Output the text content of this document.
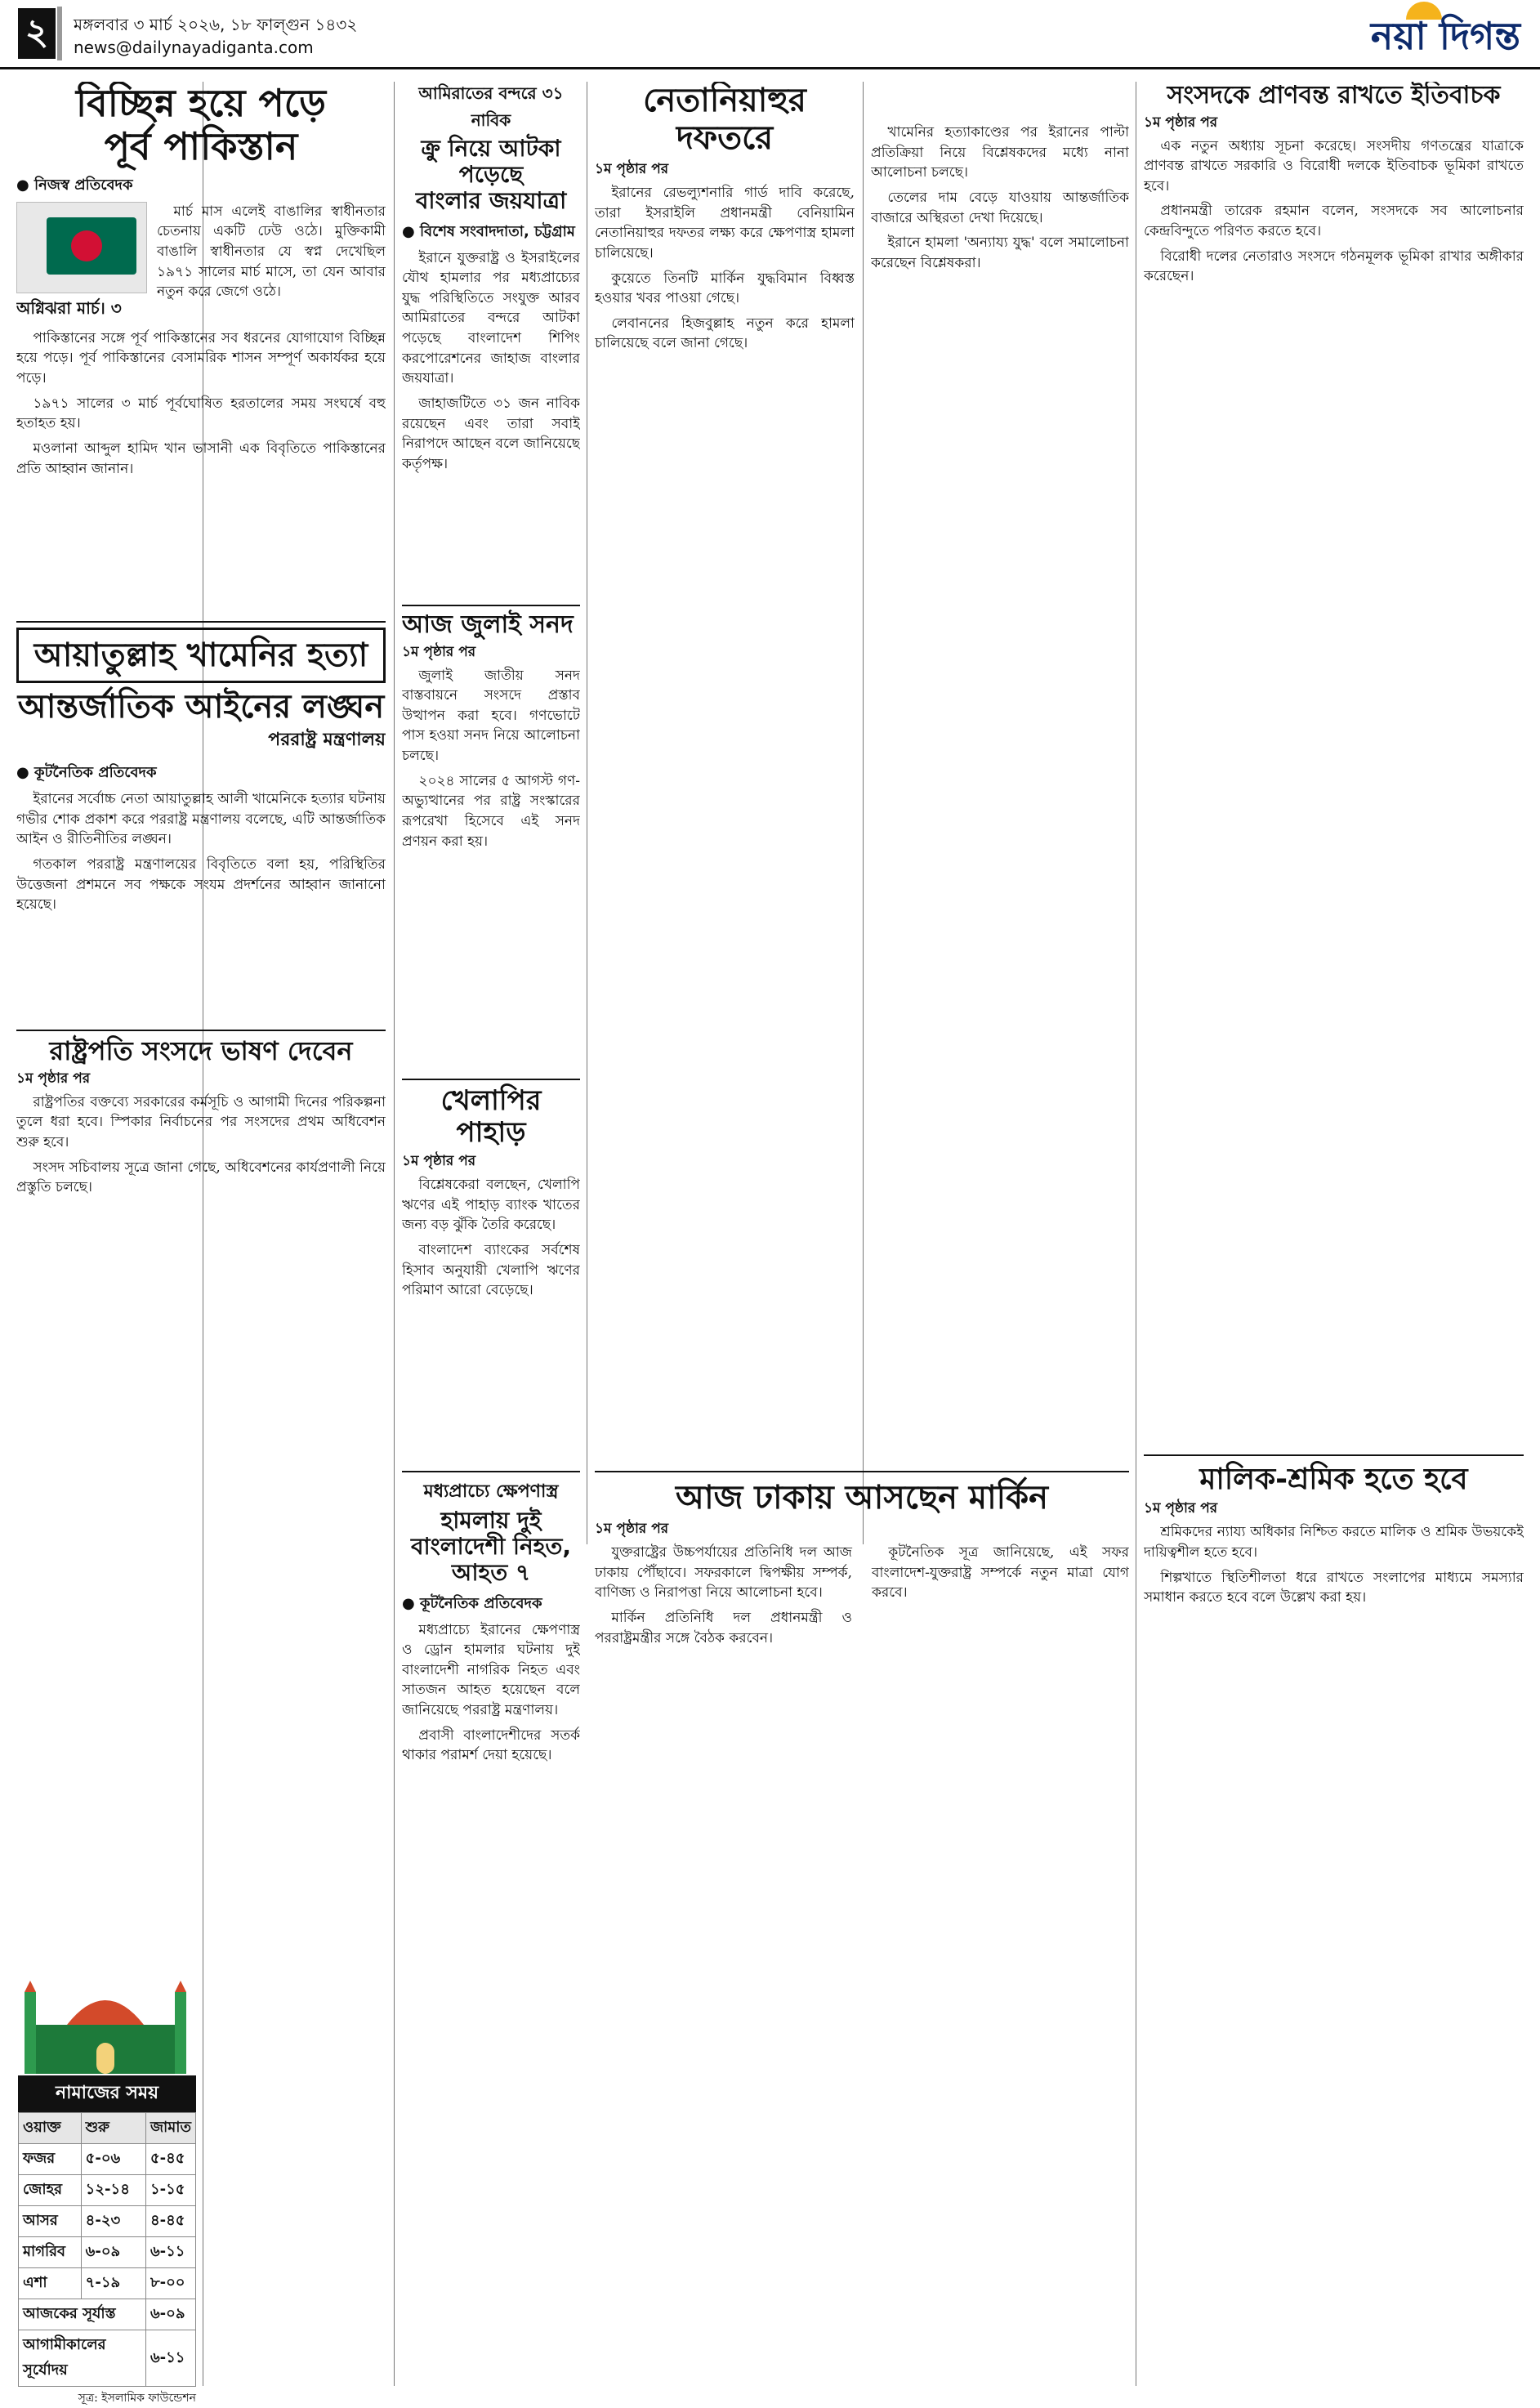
২	মঙ্গলবার ৩ মার্চ ২০২৬, ১৮ ফাল্গুন ১৪৩২
news@dailynayadiganta.com	নয়া দিগন্ত
বিচ্ছিন্ন হয়ে পড়ে
পূর্ব পাকিস্তান
● নিজস্ব প্রতিবেদক
অগ্নিঝরা মার্চ। ৩

মার্চ মাস এলেই বাঙালির স্বাধীনতার চেতনায় একটি ঢেউ ওঠে। মুক্তিকামী বাঙালি স্বাধীনতার যে স্বপ্ন দেখেছিল ১৯৭১ সালের মার্চ মাসে, তা যেন আবার নতুন করে জেগে ওঠে।

পাকিস্তানের সঙ্গে পূর্ব পাকিস্তানের সব ধরনের যোগাযোগ বিচ্ছিন্ন হয়ে পড়ে। পূর্ব পাকিস্তানের বেসামরিক শাসন সম্পূর্ণ অকার্যকর হয়ে পড়ে।

১৯৭১ সালের ৩ মার্চ পূর্বঘোষিত হরতালের সময় সংঘর্ষে বহু হতাহত হয়।

মওলানা আব্দুল হামিদ খান ভাসানী এক বিবৃতিতে পাকিস্তানের প্রতি আহ্বান জানান।

আয়াতুল্লাহ খামেনির হত্যা
আন্তর্জাতিক আইনের লঙ্ঘন
পররাষ্ট্র মন্ত্রণালয়
● কূটনৈতিক প্রতিবেদক

ইরানের সর্বোচ্চ নেতা আয়াতুল্লাহ আলী খামেনিকে হত্যার ঘটনায় গভীর শোক প্রকাশ করে পররাষ্ট্র মন্ত্রণালয় বলেছে, এটি আন্তর্জাতিক আইন ও রীতিনীতির লঙ্ঘন।

গতকাল পররাষ্ট্র মন্ত্রণালয়ের বিবৃতিতে বলা হয়, পরিস্থিতির উত্তেজনা প্রশমনে সব পক্ষকে সংযম প্রদর্শনের আহ্বান জানানো হয়েছে।

রাষ্ট্রপতি সংসদে ভাষণ দেবেন
১ম পৃষ্ঠার পর

রাষ্ট্রপতির বক্তব্যে সরকারের কর্মসূচি ও আগামী দিনের পরিকল্পনা তুলে ধরা হবে। স্পিকার নির্বাচনের পর সংসদের প্রথম অধিবেশন শুরু হবে।

সংসদ সচিবালয় সূত্রে জানা গেছে, অধিবেশনের কার্যপ্রণালী নিয়ে প্রস্তুতি চলছে।

নামাজের সময়
ওয়াক্ত	শুরু	জামাত
ফজর	৫-০৬	৫-৪৫
জোহর	১২-১৪	১-১৫
আসর	৪-২৩	৪-৪৫
মাগরিব	৬-০৯	৬-১১
এশা	৭-১৯	৮-০০
আজকের সূর্যাস্ত		৬-০৯
আগামীকালের সূর্যোদয়		৬-১১
সূত্র: ইসলামিক ফাউন্ডেশন
আমিরাতের বন্দরে ৩১ নাবিক
ক্রু নিয়ে আটকা পড়েছে
বাংলার জয়যাত্রা
● বিশেষ সংবাদদাতা, চট্টগ্রাম

ইরানে যুক্তরাষ্ট্র ও ইসরাইলের যৌথ হামলার পর মধ্যপ্রাচ্যের যুদ্ধ পরিস্থিতিতে সংযুক্ত আরব আমিরাতের বন্দরে আটকা পড়েছে বাংলাদেশ শিপিং করপোরেশনের জাহাজ বাংলার জয়যাত্রা।

জাহাজটিতে ৩১ জন নাবিক রয়েছেন এবং তারা সবাই নিরাপদে আছেন বলে জানিয়েছে কর্তৃপক্ষ।

আজ জুলাই সনদ
১ম পৃষ্ঠার পর

জুলাই জাতীয় সনদ বাস্তবায়নে সংসদে প্রস্তাব উত্থাপন করা হবে। গণভোটে পাস হওয়া সনদ নিয়ে আলোচনা চলছে।

২০২৪ সালের ৫ আগস্ট গণ-অভ্যুত্থানের পর রাষ্ট্র সংস্কারের রূপরেখা হিসেবে এই সনদ প্রণয়ন করা হয়।

খেলাপির পাহাড়
১ম পৃষ্ঠার পর

বিশ্লেষকেরা বলছেন, খেলাপি ঋণের এই পাহাড় ব্যাংক খাতের জন্য বড় ঝুঁকি তৈরি করেছে।

বাংলাদেশ ব্যাংকের সর্বশেষ হিসাব অনুযায়ী খেলাপি ঋণের পরিমাণ আরো বেড়েছে।

মধ্যপ্রাচ্যে ক্ষেপণাস্ত্র
হামলায় দুই বাংলাদেশী নিহত, আহত ৭
● কূটনৈতিক প্রতিবেদক

মধ্যপ্রাচ্যে ইরানের ক্ষেপণাস্ত্র ও ড্রোন হামলার ঘটনায় দুই বাংলাদেশী নাগরিক নিহত এবং সাতজন আহত হয়েছেন বলে জানিয়েছে পররাষ্ট্র মন্ত্রণালয়।

প্রবাসী বাংলাদেশীদের সতর্ক থাকার পরামর্শ দেয়া হয়েছে।

নেতানিয়াহুর দফতরে
১ম পৃষ্ঠার পর

ইরানের রেভল্যুশনারি গার্ড দাবি করেছে, তারা ইসরাইলি প্রধানমন্ত্রী বেনিয়ামিন নেতানিয়াহুর দফতর লক্ষ্য করে ক্ষেপণাস্ত্র হামলা চালিয়েছে।

কুয়েতে তিনটি মার্কিন যুদ্ধবিমান বিধ্বস্ত হওয়ার খবর পাওয়া গেছে।

লেবাননের হিজবুল্লাহ নতুন করে হামলা চালিয়েছে বলে জানা গেছে।

খামেনির হত্যাকাণ্ডের পর ইরানের পাল্টা প্রতিক্রিয়া নিয়ে বিশ্লেষকদের মধ্যে নানা আলোচনা চলছে।

তেলের দাম বেড়ে যাওয়ায় আন্তর্জাতিক বাজারে অস্থিরতা দেখা দিয়েছে।

ইরানে হামলা 'অন্যায্য যুদ্ধ' বলে সমালোচনা করেছেন বিশ্লেষকরা।

আজ ঢাকায় আসছেন মার্কিন
১ম পৃষ্ঠার পর

যুক্তরাষ্ট্রের উচ্চপর্যায়ের প্রতিনিধি দল আজ ঢাকায় পৌঁছাবে। সফরকালে দ্বিপক্ষীয় সম্পর্ক, বাণিজ্য ও নিরাপত্তা নিয়ে আলোচনা হবে।

মার্কিন প্রতিনিধি দল প্রধানমন্ত্রী ও পররাষ্ট্রমন্ত্রীর সঙ্গে বৈঠক করবেন।

কূটনৈতিক সূত্র জানিয়েছে, এই সফর বাংলাদেশ-যুক্তরাষ্ট্র সম্পর্কে নতুন মাত্রা যোগ করবে।

সংসদকে প্রাণবন্ত রাখতে ইতিবাচক
১ম পৃষ্ঠার পর

এক নতুন অধ্যায় সূচনা করেছে। সংসদীয় গণতন্ত্রের যাত্রাকে প্রাণবন্ত রাখতে সরকারি ও বিরোধী দলকে ইতিবাচক ভূমিকা রাখতে হবে।

প্রধানমন্ত্রী তারেক রহমান বলেন, সংসদকে সব আলোচনার কেন্দ্রবিন্দুতে পরিণত করতে হবে।

বিরোধী দলের নেতারাও সংসদে গঠনমূলক ভূমিকা রাখার অঙ্গীকার করেছেন।

মালিক-শ্রমিক হতে হবে
১ম পৃষ্ঠার পর

শ্রমিকদের ন্যায্য অধিকার নিশ্চিত করতে মালিক ও শ্রমিক উভয়কেই দায়িত্বশীল হতে হবে।

শিল্পখাতে স্থিতিশীলতা ধরে রাখতে সংলাপের মাধ্যমে সমস্যার সমাধান করতে হবে বলে উল্লেখ করা হয়।
